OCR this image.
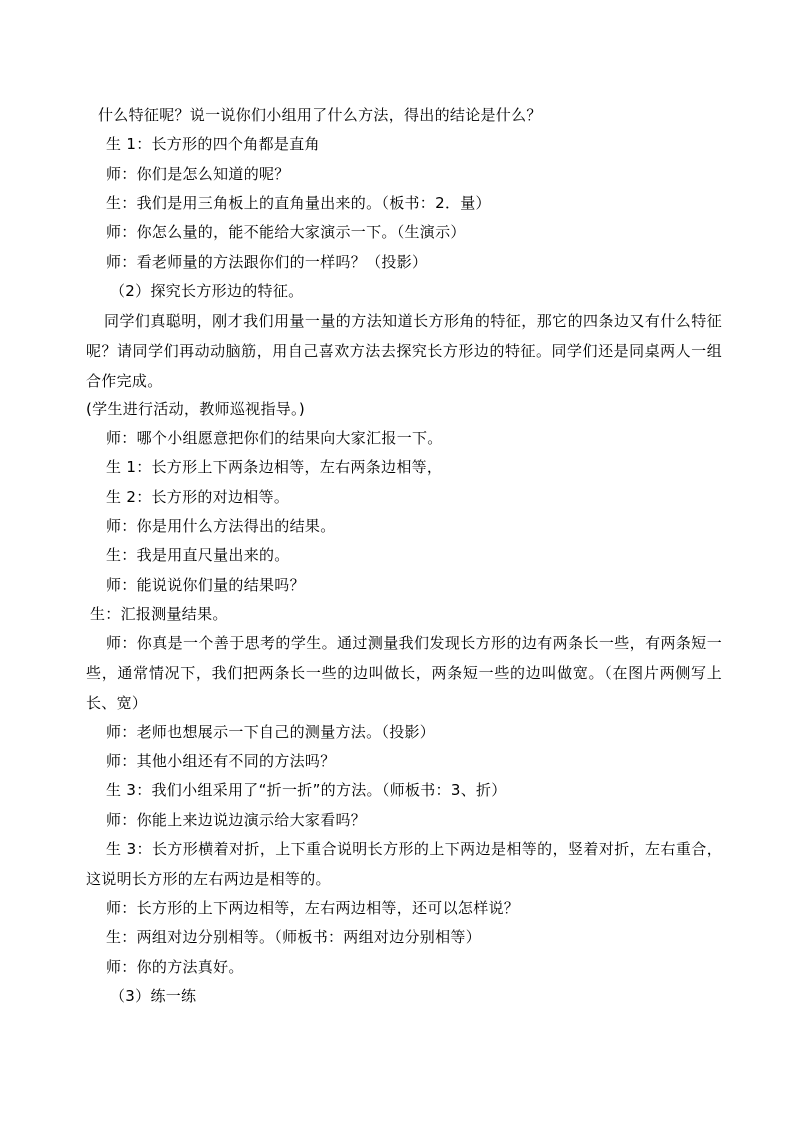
什么特征呢？说一说你们小组用了什么方法，得出的结论是什么？
生 1：长方形的四个角都是直角
师：你们是怎么知道的呢？
生：我们是用三角板上的直角量出来的。（板书：2．量）
师：你怎么量的，能不能给大家演示一下。（生演示）
师：看老师量的方法跟你们的一样吗？（投影）
（2）探究长方形边的特征。

同学们真聪明，刚才我们用量一量的方法知道长方形角的特征，那它的四条边又有什么特征呢？请同学们再动动脑筋，用自己喜欢方法去探究长方形边的特征。同学们还是同桌两人一组合作完成。

(学生进行活动，教师巡视指导。)
师：哪个小组愿意把你们的结果向大家汇报一下。
生 1：长方形上下两条边相等，左右两条边相等，
生 2：长方形的对边相等。
师：你是用什么方法得出的结果。
生：我是用直尺量出来的。
师：能说说你们量的结果吗？
生：汇报测量结果。

师：你真是一个善于思考的学生。通过测量我们发现长方形的边有两条长一些，有两条短一些，通常情况下，我们把两条长一些的边叫做长，两条短一些的边叫做宽。（在图片两侧写上长、宽）

师：老师也想展示一下自己的测量方法。（投影）
师：其他小组还有不同的方法吗？
生 3：我们小组采用了“折一折”的方法。（师板书：3、折）
师：你能上来边说边演示给大家看吗？

生 3：长方形横着对折，上下重合说明长方形的上下两边是相等的，竖着对折，左右重合，这说明长方形的左右两边是相等的。

师：长方形的上下两边相等，左右两边相等，还可以怎样说？
生：两组对边分别相等。（师板书：两组对边分别相等）
师：你的方法真好。
（3）练一练
